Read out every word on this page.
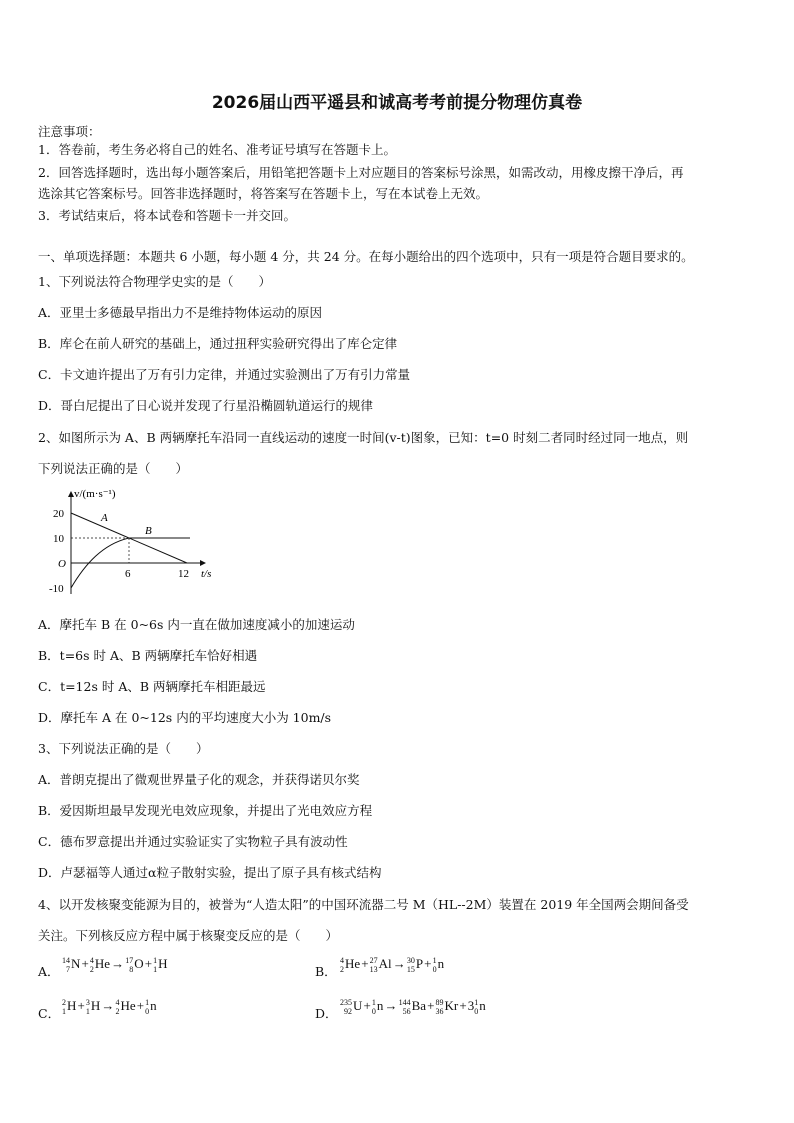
2026届山西平遥县和诚高考考前提分物理仿真卷
注意事项：
1．答卷前，考生务必将自己的姓名、准考证号填写在答题卡上。
2．回答选择题时，选出每小题答案后，用铅笔把答题卡上对应题目的答案标号涂黑，如需改动，用橡皮擦干净后，再
选涂其它答案标号。回答非选择题时，将答案写在答题卡上，写在本试卷上无效。
3．考试结束后，将本试卷和答题卡一并交回。
一、单项选择题：本题共 6 小题，每小题 4 分，共 24 分。在每小题给出的四个选项中，只有一项是符合题目要求的。
1、下列说法符合物理学史实的是（　　）
A．亚里士多德最早指出力不是维持物体运动的原因
B．库仑在前人研究的基础上，通过扭秤实验研究得出了库仑定律
C．卡文迪许提出了万有引力定律，并通过实验测出了万有引力常量
D．哥白尼提出了日心说并发现了行星沿椭圆轨道运行的规律
2、如图所示为 A、B 两辆摩托车沿同一直线运动的速度一时间(v-t)图象，已知：t=0 时刻二者同时经过同一地点，则
下列说法正确的是（　　）
v/(m·s⁻¹)
t/s
O
20
10
-10
6	12
A
B
A．摩托车 B 在 0~6s 内一直在做加速度减小的加速运动
B．t=6s 时 A、B 两辆摩托车恰好相遇
C．t=12s 时 A、B 两辆摩托车相距最远
D．摩托车 A 在 0~12s 内的平均速度大小为 10m/s
3、下列说法正确的是（　　）
A．普朗克提出了微观世界量子化的观念，并获得诺贝尔奖
B．爱因斯坦最早发现光电效应现象，并提出了光电效应方程
C．德布罗意提出并通过实验证实了实物粒子具有波动性
D．卢瑟福等人通过α粒子散射实验，提出了原子具有核式结构
4、以开发核聚变能源为目的，被誉为“人造太阳”的中国环流器二号 M（HL--2M）装置在 2019 年全国两会期间备受
关注。下列核反应方程中属于核聚变反应的是（　　）
A．
14
7 N +  4
2 He →  17
8 O +  1
1 H
B．
4
2 He +  27
13 Al →  30
15 P +  1
0 n
C．
2
1 H +  3
1 H →  4
2 He +  1
0 n
D．
235
92 U +  1
0 n →  144
56 Ba +  89
36 Kr + 3 1
0 n
